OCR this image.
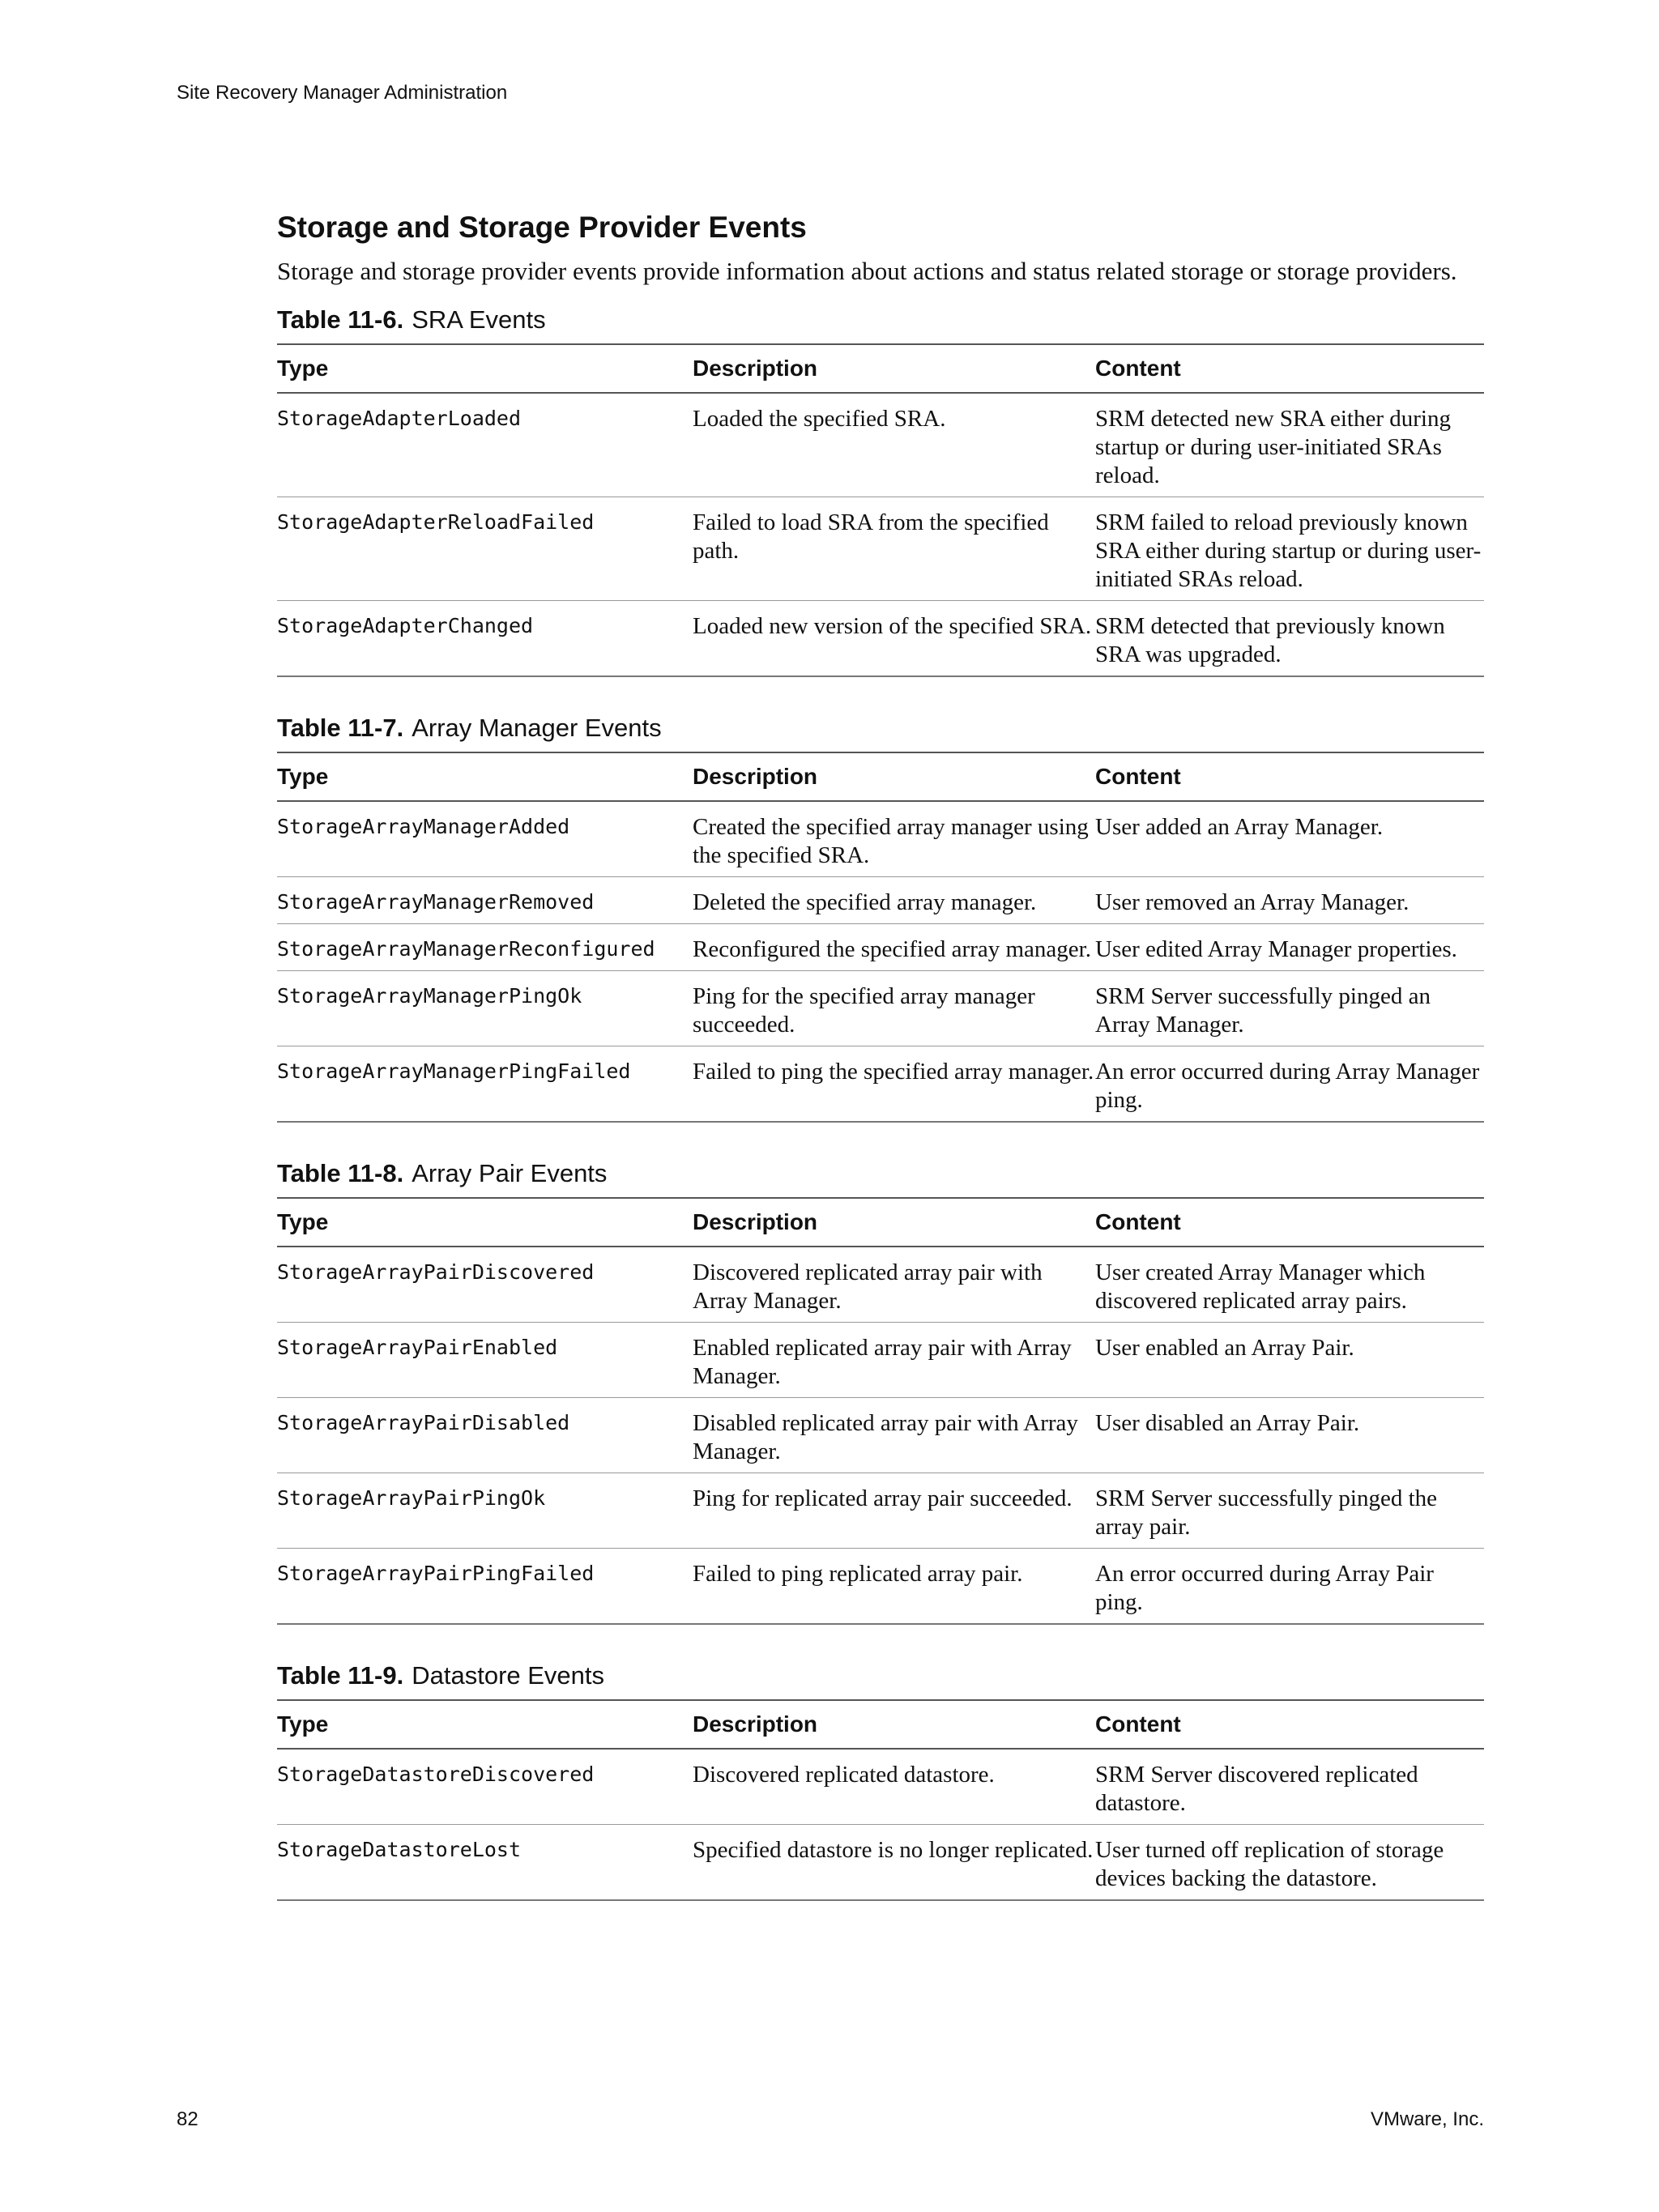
Site Recovery Manager Administration
Storage and Storage Provider Events

Storage and storage provider events provide information about actions and status related storage or storage providers.

Table 11-6. SRA Events

Type	Description	Content
StorageAdapterLoaded	Loaded the specified SRA.	SRM detected new SRA either during startup or during user-initiated SRAs reload.
StorageAdapterReloadFailed	Failed to load SRA from the specified path.	SRM failed to reload previously known SRA either during startup or during user-initiated SRAs reload.
StorageAdapterChanged	Loaded new version of the specified SRA.	SRM detected that previously known SRA was upgraded.

Table 11-7. Array Manager Events

Type	Description	Content
StorageArrayManagerAdded	Created the specified array manager using the specified SRA.	User added an Array Manager.
StorageArrayManagerRemoved	Deleted the specified array manager.	User removed an Array Manager.
StorageArrayManagerReconfigured	Reconfigured the specified array manager.	User edited Array Manager properties.
StorageArrayManagerPingOk	Ping for the specified array manager succeeded.	SRM Server successfully pinged an Array Manager.
StorageArrayManagerPingFailed	Failed to ping the specified array manager.	An error occurred during Array Manager ping.

Table 11-8. Array Pair Events

Type	Description	Content
StorageArrayPairDiscovered	Discovered replicated array pair with Array Manager.	User created Array Manager which discovered replicated array pairs.
StorageArrayPairEnabled	Enabled replicated array pair with Array Manager.	User enabled an Array Pair.
StorageArrayPairDisabled	Disabled replicated array pair with Array Manager.	User disabled an Array Pair.
StorageArrayPairPingOk	Ping for replicated array pair succeeded.	SRM Server successfully pinged the array pair.
StorageArrayPairPingFailed	Failed to ping replicated array pair.	An error occurred during Array Pair ping.

Table 11-9. Datastore Events

Type	Description	Content
StorageDatastoreDiscovered	Discovered replicated datastore.	SRM Server discovered replicated datastore.
StorageDatastoreLost	Specified datastore is no longer replicated.	User turned off replication of storage devices backing the datastore.
82	VMware, Inc.
